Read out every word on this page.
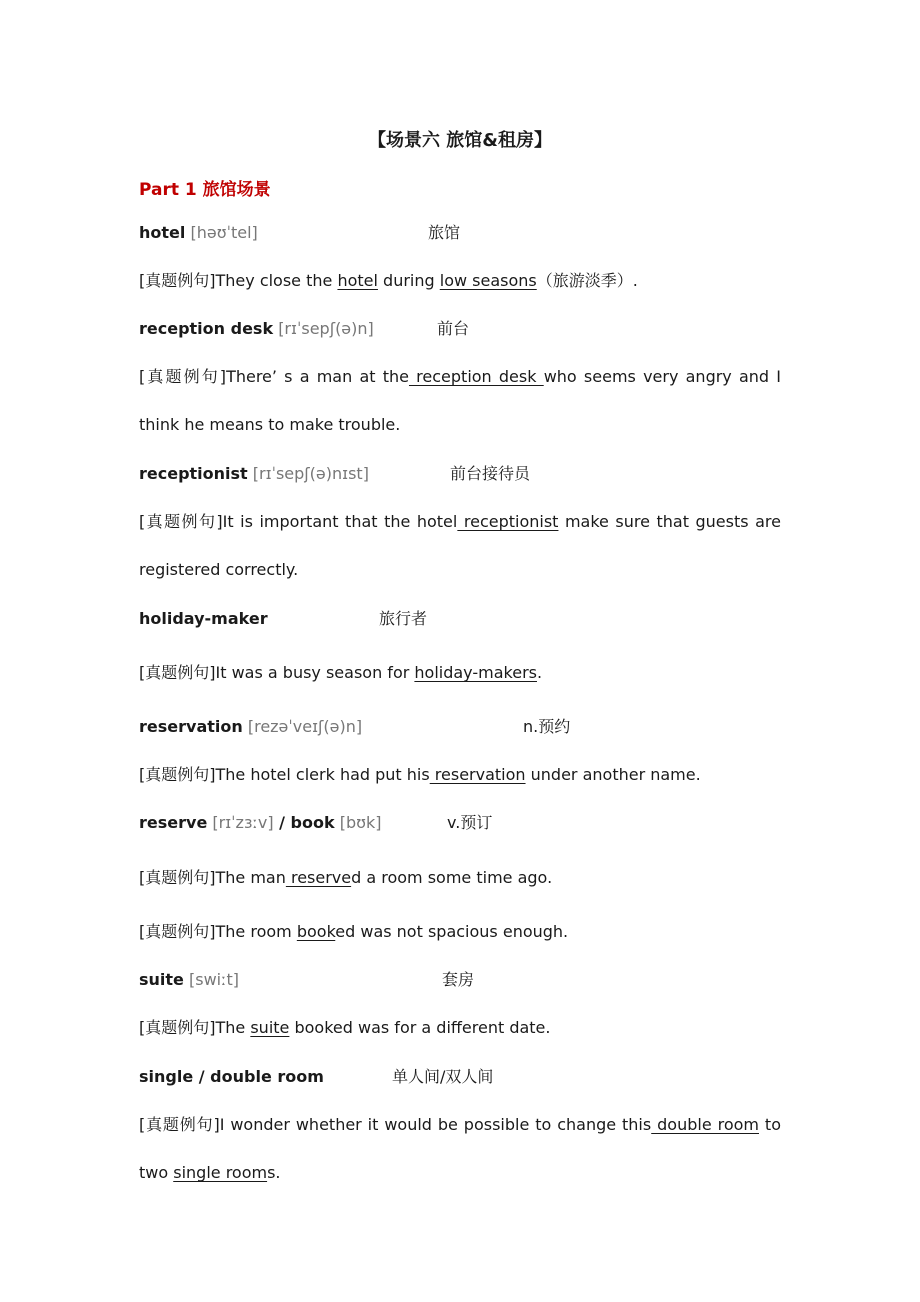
【场景六 旅馆&租房】
Part 1 旅馆场景
hotel [həʊˈtel]	旅馆
[真题例句]They close the hotel during low seasons（旅游淡季）.
reception desk [rɪˈsepʃ(ə)n]	前台
[真题例句]There’ s a man at the reception desk who seems very angry and I think he means to make trouble.
receptionist [rɪˈsepʃ(ə)nɪst]	前台接待员
[真题例句]It is important that the hotel receptionist make sure that guests are registered correctly.
holiday-maker	旅行者
[真题例句]It was a busy season for holiday-makers.
reservation [rezəˈveɪʃ(ə)n]	n.预约
[真题例句]The hotel clerk had put his reservation under another name.
reserve [rɪˈzɜːv] / book [bʊk]	v.预订
[真题例句]The man reserved a room some time ago.
[真题例句]The room booked was not spacious enough.
suite [swiːt]	套房
[真题例句]The suite booked was for a different date.
single / double room	单人间/双人间
[真题例句]I wonder whether it would be possible to change this double room to two single rooms.
